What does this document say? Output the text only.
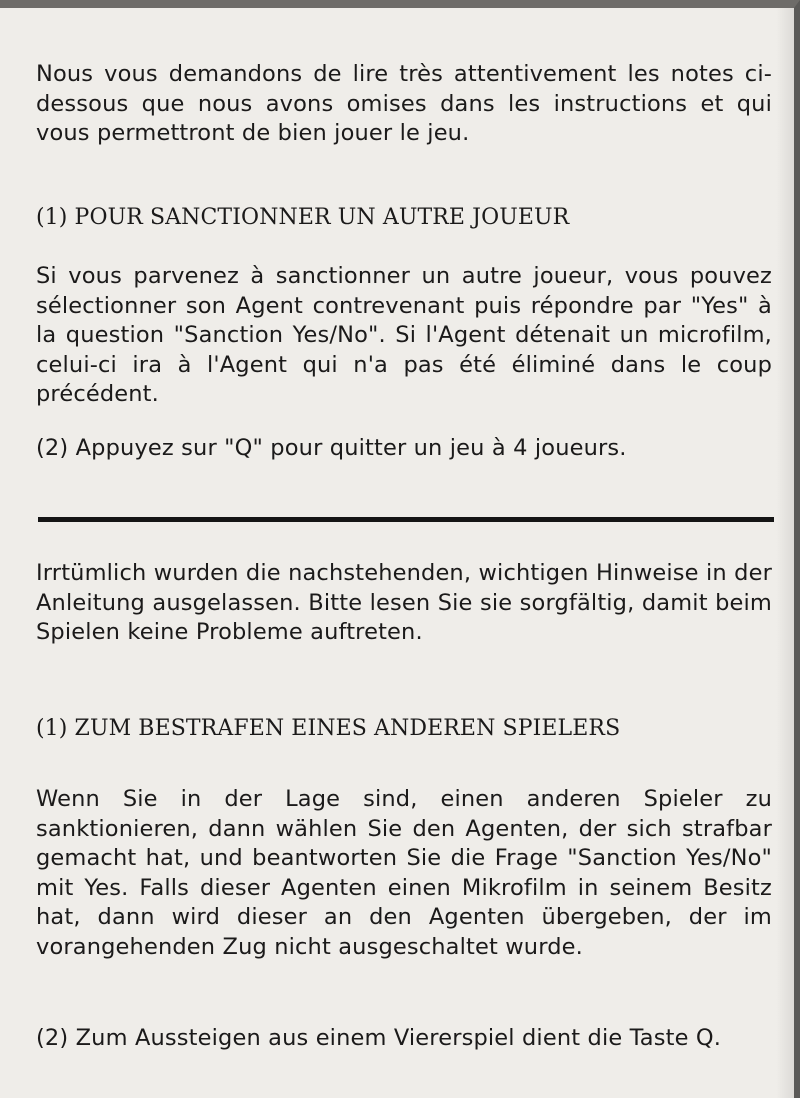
Nous vous demandons de lire très attentivement les notes ci-dessous que nous avons omises dans les instructions et qui vous permettront de bien jouer le jeu.

(1) POUR SANCTIONNER UN AUTRE JOUEUR

Si vous parvenez à sanctionner un autre joueur, vous pouvez sélectionner son Agent contrevenant puis répondre par "Yes" à la question "Sanction Yes/No". Si l'Agent détenait un microfilm, celui-ci ira à l'Agent qui n'a pas été éliminé dans le coup précédent.

(2) Appuyez sur "Q" pour quitter un jeu à 4 joueurs.

Irrtümlich wurden die nachstehenden, wichtigen Hinweise in der Anleitung ausgelassen. Bitte lesen Sie sie sorgfältig, damit beim Spielen keine Probleme auftreten.

(1) ZUM BESTRAFEN EINES ANDEREN SPIELERS

Wenn Sie in der Lage sind, einen anderen Spieler zu sanktionieren, dann wählen Sie den Agenten, der sich strafbar gemacht hat, und beantworten Sie die Frage "Sanction Yes/No" mit Yes. Falls dieser Agenten einen Mikrofilm in seinem Besitz hat, dann wird dieser an den Agenten übergeben, der im vorangehenden Zug nicht ausgeschaltet wurde.

(2) Zum Aussteigen aus einem Viererspiel dient die Taste Q.
